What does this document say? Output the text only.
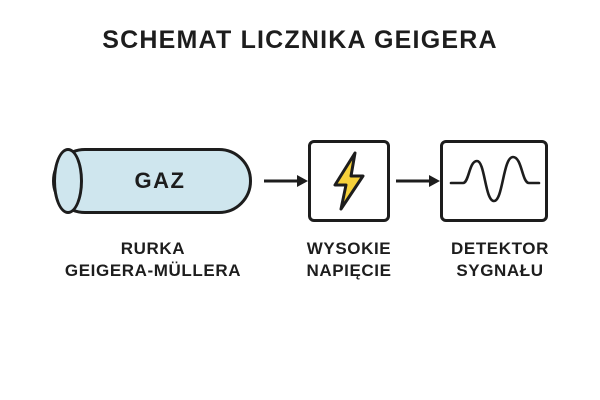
SCHEMAT LICZNIKA GEIGERA
GAZ
RURKA
GEIGERA-MÜLLERA
WYSOKIE
NAPIĘCIE
DETEKTOR
SYGNAŁU
